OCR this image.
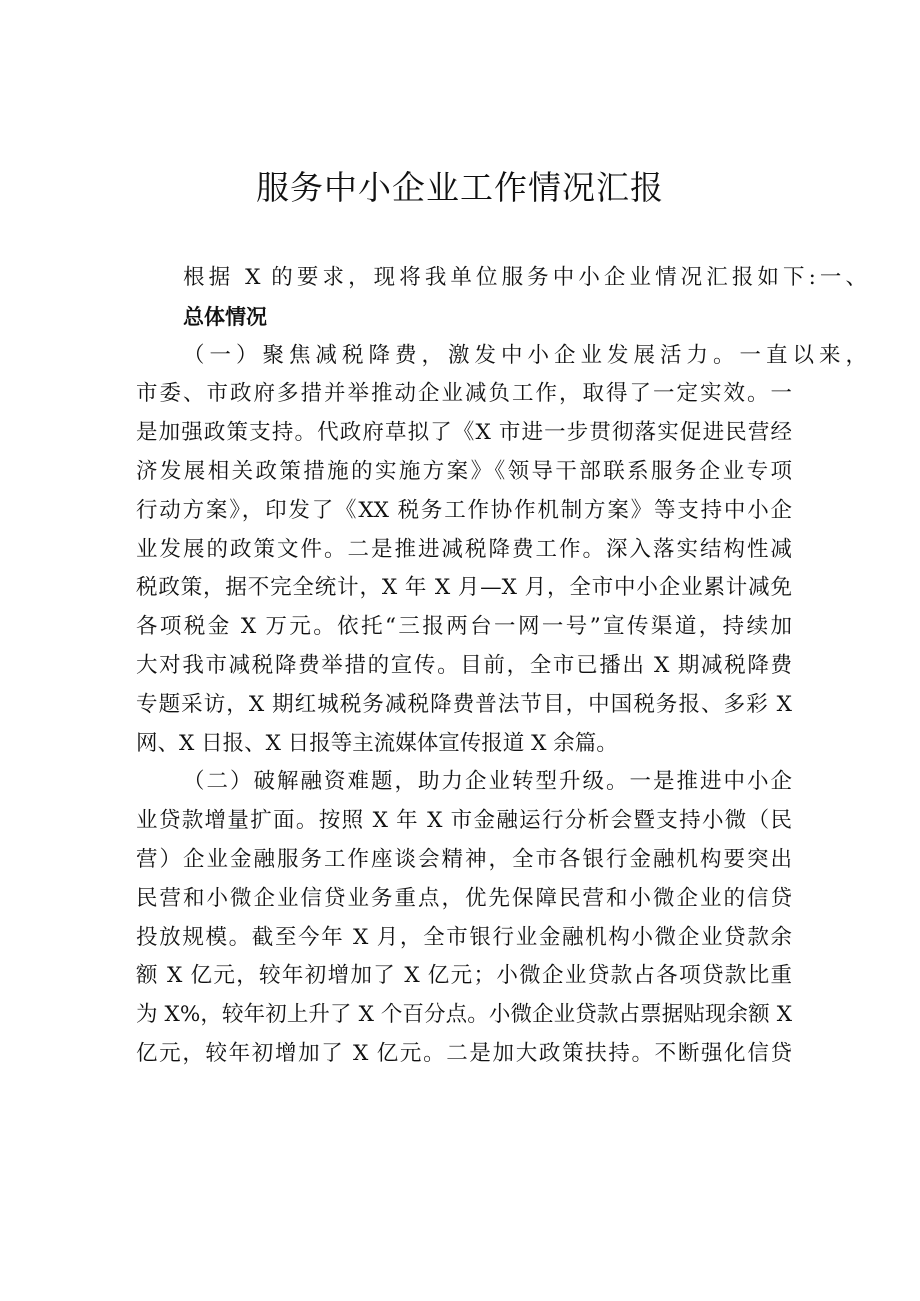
服务中小企业工作情况汇报
根据 X 的要求，现将我单位服务中小企业情况汇报如下:一、
总体情况
（一）聚焦减税降费，激发中小企业发展活力。一直以来，
市委、市政府多措并举推动企业减负工作，取得了一定实效。一
是加强政策支持。代政府草拟了《X 市进一步贯彻落实促进民营经
济发展相关政策措施的实施方案》《领导干部联系服务企业专项
行动方案》，印发了《XX 税务工作协作机制方案》等支持中小企
业发展的政策文件。二是推进减税降费工作。深入落实结构性减
税政策，据不完全统计，X 年 X 月—X 月，全市中小企业累计减免
各项税金 X 万元。依托“三报两台一网一号”宣传渠道，持续加
大对我市减税降费举措的宣传。目前，全市已播出 X 期减税降费
专题采访，X 期红城税务减税降费普法节目，中国税务报、多彩 X
网、X 日报、X 日报等主流媒体宣传报道 X 余篇。
（二）破解融资难题，助力企业转型升级。一是推进中小企
业贷款增量扩面。按照 X 年 X 市金融运行分析会暨支持小微（民
营）企业金融服务工作座谈会精神，全市各银行金融机构要突出
民营和小微企业信贷业务重点，优先保障民营和小微企业的信贷
投放规模。截至今年 X 月，全市银行业金融机构小微企业贷款余
额 X 亿元，较年初增加了 X 亿元；小微企业贷款占各项贷款比重
为 X%，较年初上升了 X 个百分点。小微企业贷款占票据贴现余额 X
亿元，较年初增加了 X 亿元。二是加大政策扶持。不断强化信贷
